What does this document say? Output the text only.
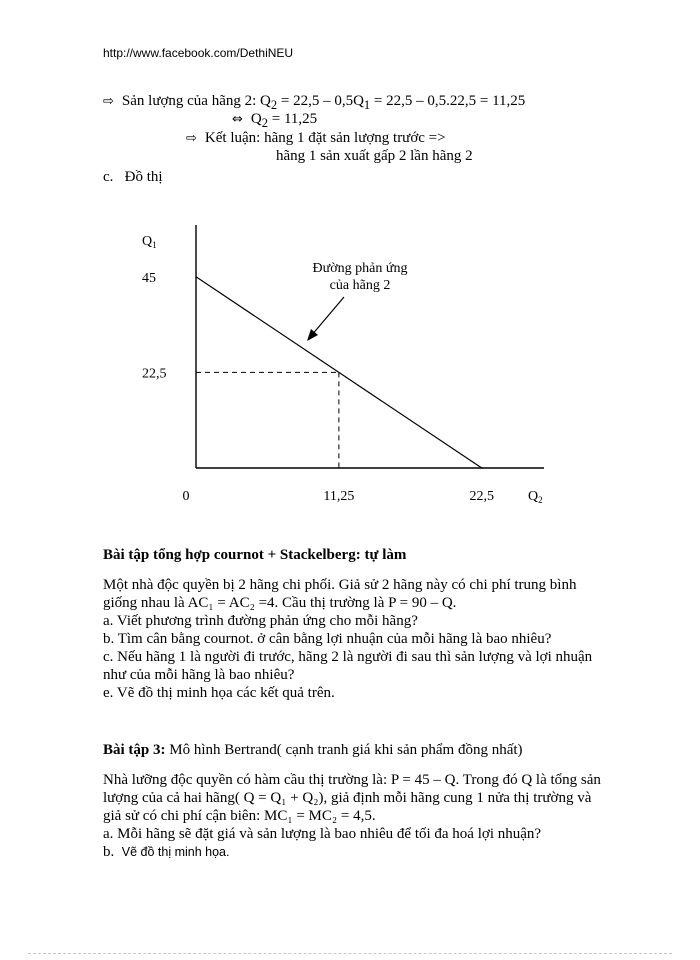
http://www.facebook.com/DethiNEU
⇨ Sản lượng của hãng 2: $Q_2 = 22,5 - 0,5Q_1 = 22,5 - 0,5.22,5 = 11,25$
⇔ $Q_2 = 11,25$
⇨ Kết luận: hãng 1 đặt sản lượng trước =>
hãng 1 sản xuất gấp 2 lần hãng 2
c. Đồ thị
$Q_1$
$Q_2$
45
22,5
0	11,25	22,5
Đường phản ứng
của hãng 2
Bài tập tổng hợp cournot + Stackelberg: tự làm

Một nhà độc quyền bị 2 hãng chi phối. Giả sử 2 hãng này có chi phí trung bình giống nhau là AC₁ = AC₂ =4. Cầu thị trường là P = 90 – Q.

a. Viết phương trình đường phản ứng cho mỗi hãng?

b. Tìm cân bằng cournot. ở cân bằng lợi nhuận của mỗi hãng là bao nhiêu?

c. Nếu hãng 1 là người đi trước, hãng 2 là người đi sau thì sản lượng và lợi nhuận như của mỗi hãng là bao nhiêu?

e. Vẽ đồ thị minh họa các kết quả trên.

Bài tập 3: Mô hình Bertrand( cạnh tranh giá khi sản phẩm đồng nhất)

Nhà lưỡng độc quyền có hàm cầu thị trường là: P = 45 – Q. Trong đó Q là tổng sản lượng của cả hai hãng( Q = Q₁ + Q₂), giả định mỗi hãng cung 1 nửa thị trường và giả sử có chi phí cận biên: MC₁ = MC₂ = 4,5.

a. Mỗi hãng sẽ đặt giá và sản lượng là bao nhiêu để tối đa hoá lợi nhuận?

b. Vẽ đồ thị minh họa.
